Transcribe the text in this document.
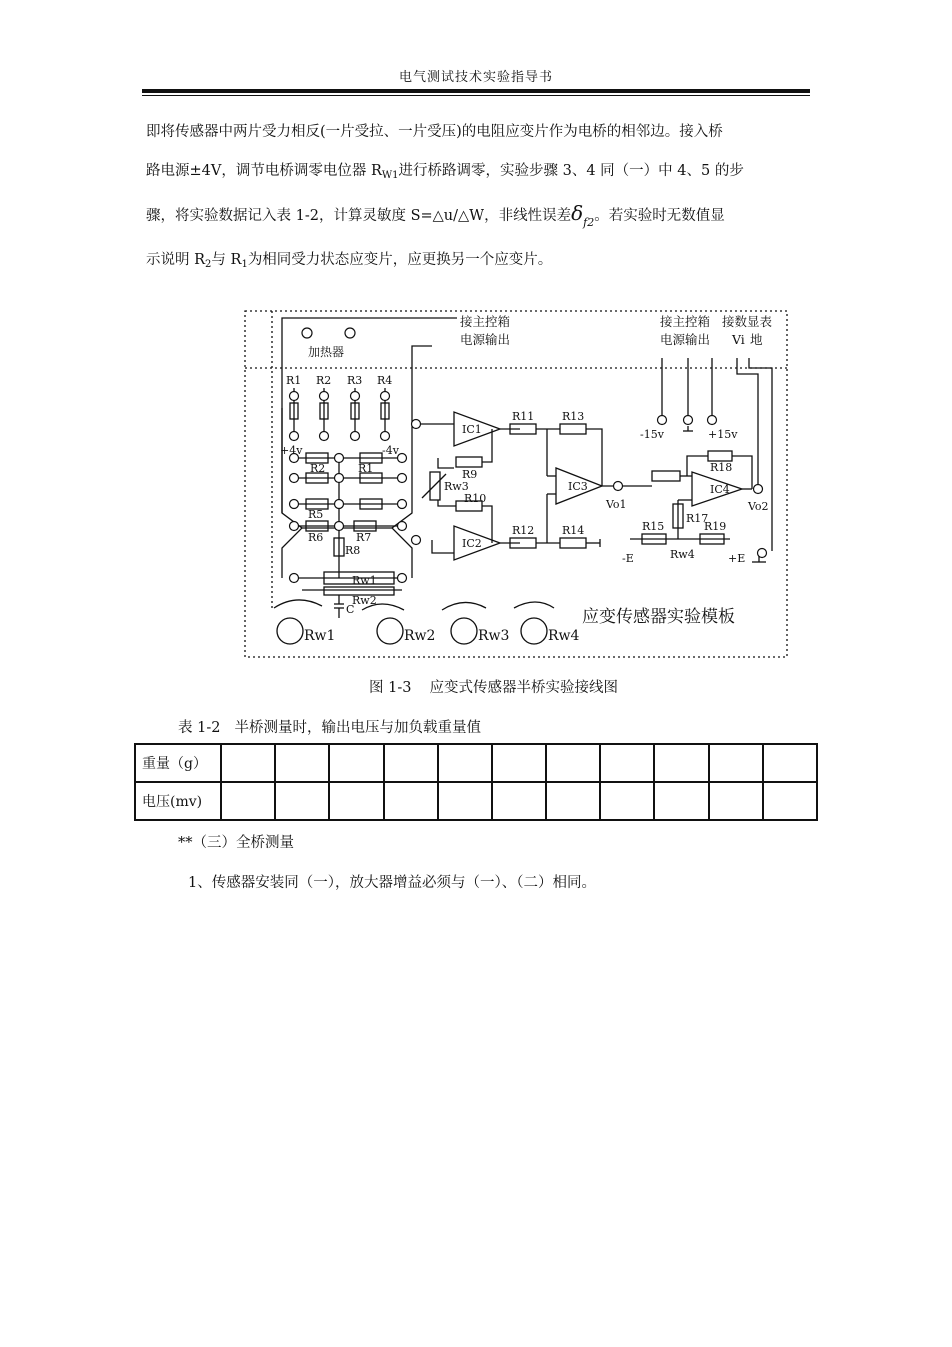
电气测试技术实验指导书
即将传感器中两片受力相反(一片受拉、一片受压)的电阻应变片作为电桥的相邻边。接入桥
路电源±4V，调节电桥调零电位器 $R_{W1}$进行桥路调零，实验步骤 3、4 同（一）中 4、5 的步
骤，将实验数据记入表 1-2，计算灵敏度 S=△u/△W，非线性误差$\delta_{f2}$。若实验时无数值显
示说明 $R_2$与 $R_1$为相同受力状态应变片，应更换另一个应变片。
加热器
接主控箱
电源输出
接主控箱
电源输出
接数显表
Vi 地
R1 R2 R3 R4
+4v	-4v
R2	R1
R5
R6	R7
R8
Rw1
Rw2
C
IC1
IC2
IC3	IC4
R9
Rw3
R10
R11
R12
R13
R14	R15
R17
R18
R19
Rw4
Vo1	Vo2
-15v	+15v
-E	+E
Rw1	Rw2	Rw3	Rw4
应变传感器实验模板
图 1-3 应变式传感器半桥实验接线图
表 1-2 半桥测量时，输出电压与加负载重量值
重量（g）											
电压(mv)											
**（三）全桥测量
1、传感器安装同（一），放大器增益必须与（一）、（二）相同。
